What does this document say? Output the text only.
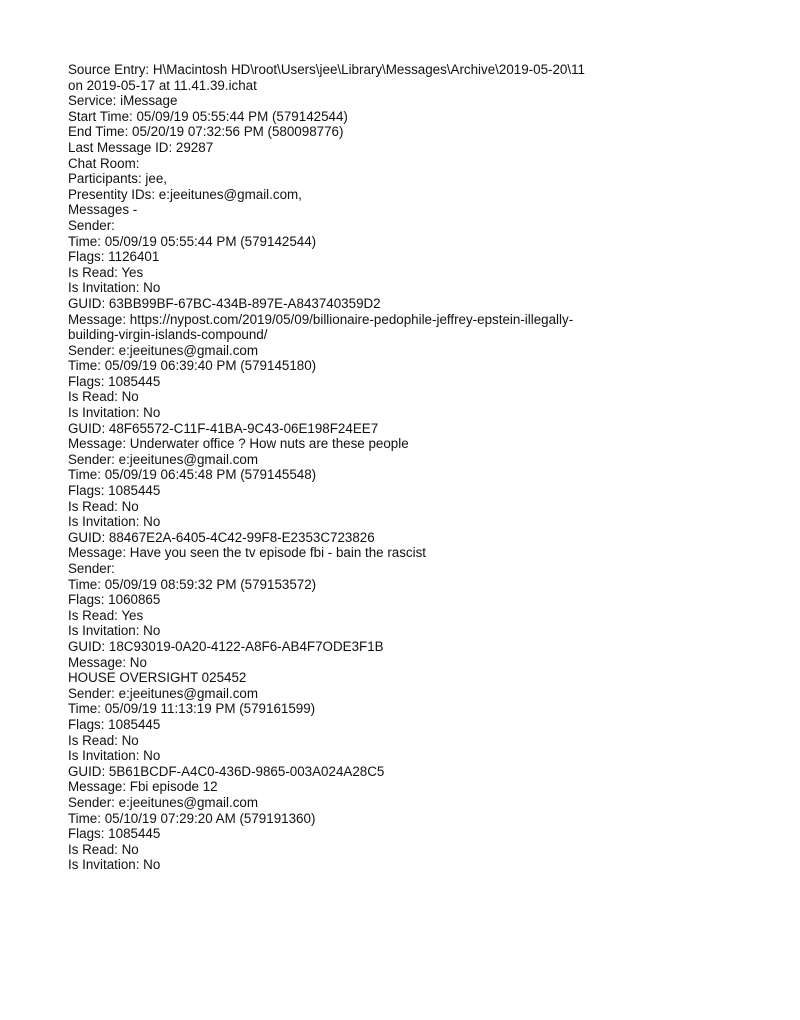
Source Entry: H\Macintosh HD\root\Users\jee\Library\Messages\Archive\2019-05-20\11
on 2019-05-17 at 11.41.39.ichat
Service: iMessage
Start Time: 05/09/19 05:55:44 PM (579142544)
End Time: 05/20/19 07:32:56 PM (580098776)
Last Message ID: 29287
Chat Room:
Participants: jee,
Presentity IDs: e:jeeitunes@gmail.com,
Messages -
Sender:
Time: 05/09/19 05:55:44 PM (579142544)
Flags: 1126401
Is Read: Yes
Is Invitation: No
GUID: 63BB99BF-67BC-434B-897E-A843740359D2
Message: https://nypost.com/2019/05/09/billionaire-pedophile-jeffrey-epstein-illegally-
building-virgin-islands-compound/
Sender: e:jeeitunes@gmail.com
Time: 05/09/19 06:39:40 PM (579145180)
Flags: 1085445
Is Read: No
Is Invitation: No
GUID: 48F65572-C11F-41BA-9C43-06E198F24EE7
Message: Underwater office ? How nuts are these people
Sender: e:jeeitunes@gmail.com
Time: 05/09/19 06:45:48 PM (579145548)
Flags: 1085445
Is Read: No
Is Invitation: No
GUID: 88467E2A-6405-4C42-99F8-E2353C723826
Message: Have you seen the tv episode fbi - bain the rascist
Sender:
Time: 05/09/19 08:59:32 PM (579153572)
Flags: 1060865
Is Read: Yes
Is Invitation: No
GUID: 18C93019-0A20-4122-A8F6-AB4F7ODE3F1B
Message: No
HOUSE OVERSIGHT 025452
Sender: e:jeeitunes@gmail.com
Time: 05/09/19 11:13:19 PM (579161599)
Flags: 1085445
Is Read: No
Is Invitation: No
GUID: 5B61BCDF-A4C0-436D-9865-003A024A28C5
Message: Fbi episode 12
Sender: e:jeeitunes@gmail.com
Time: 05/10/19 07:29:20 AM (579191360)
Flags: 1085445
Is Read: No
Is Invitation: No
